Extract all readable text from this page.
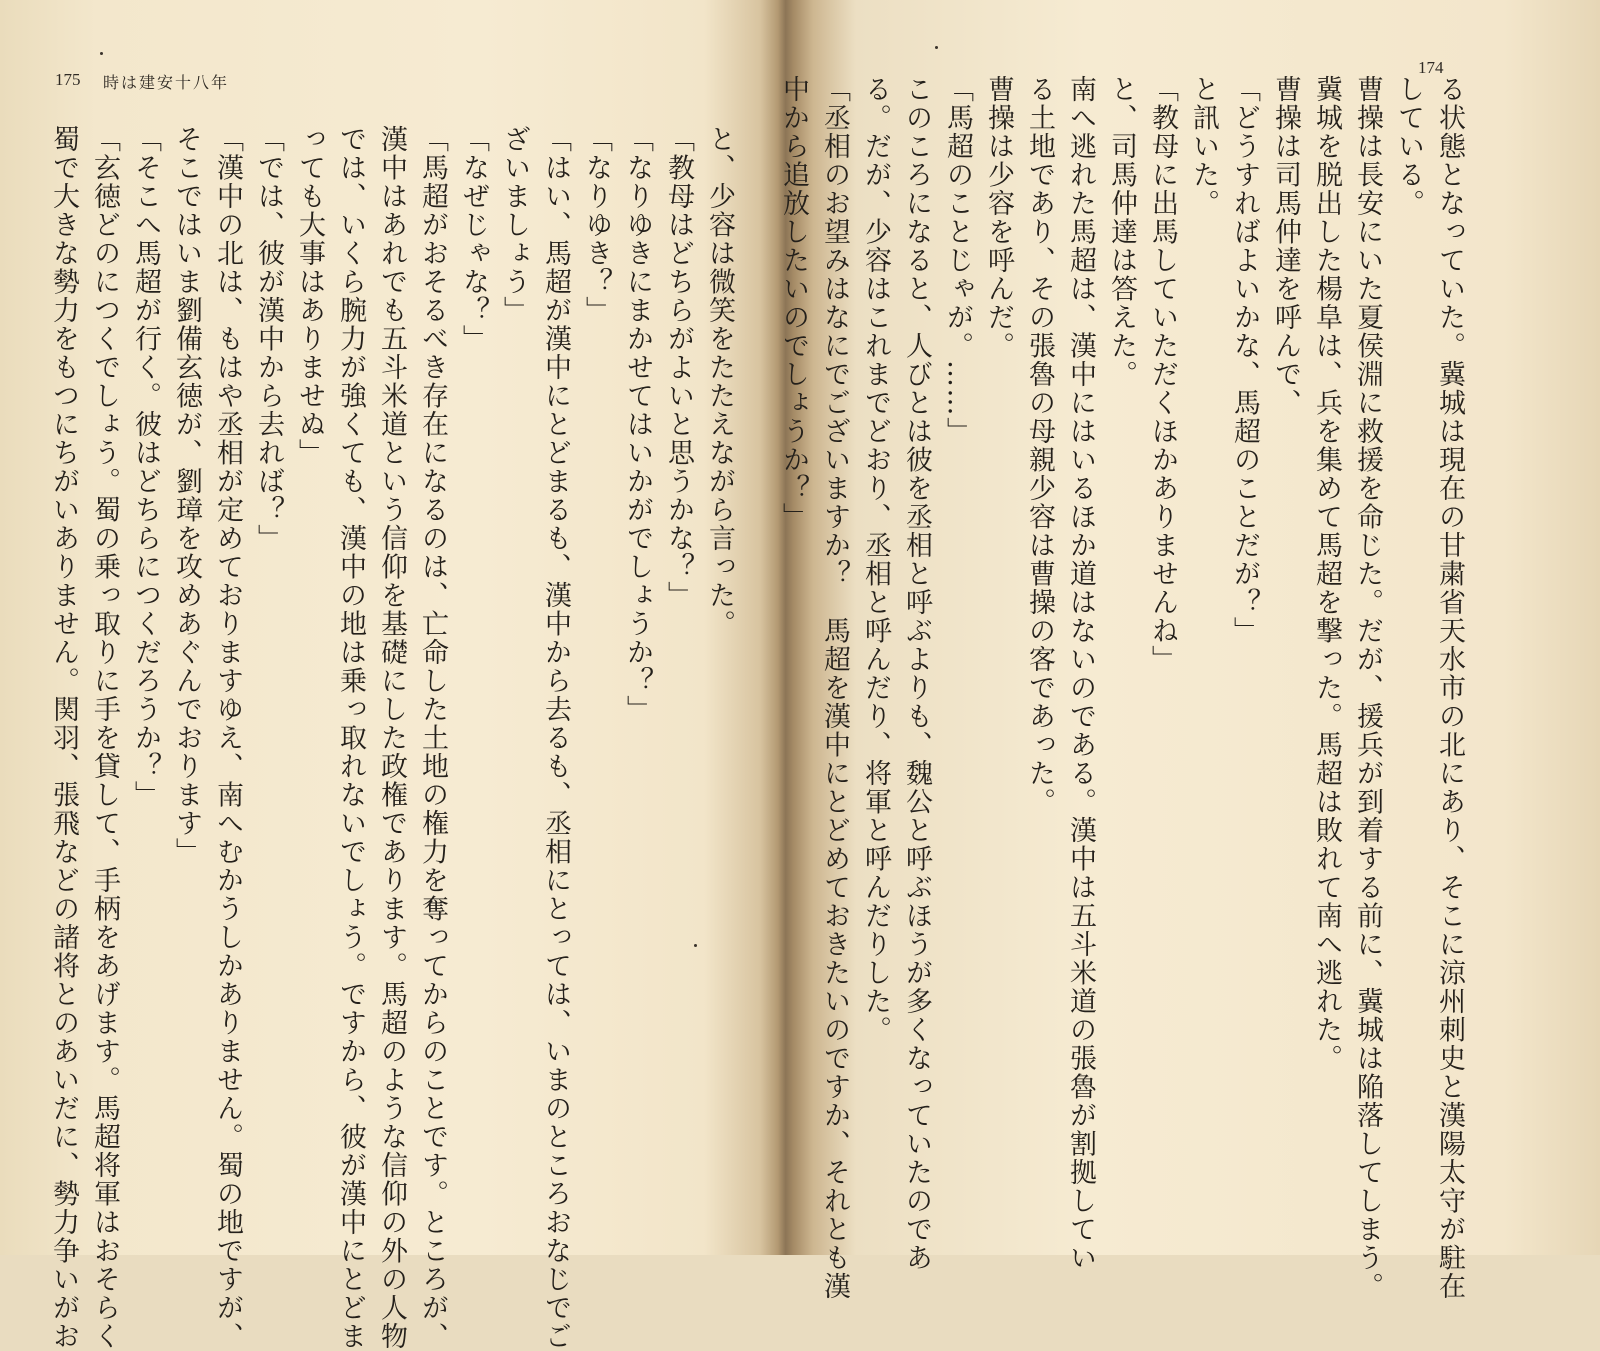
175 時は建安十八年
と、少容は微笑をたたえながら言った。
「教母はどちらがよいと思うかな？」
「なりゆきにまかせてはいかがでしょうか？」
「なりゆき？」
「はい、馬超が漢中にとどまるも、漢中から去るも、丞相にとっては、いまのところおなじでご
ざいましょう」
「なぜじゃな？」
「馬超がおそるべき存在になるのは、亡命した土地の権力を奪ってからのことです。ところが、
漢中はあれでも五斗米道という信仰を基礎にした政権であります。馬超のような信仰の外の人物
では、いくら腕力が強くても、漢中の地は乗っ取れないでしょう。ですから、彼が漢中にとどま
っても大事はありませぬ」
「では、彼が漢中から去れば？」
「漢中の北は、もはや丞相が定めておりますゆえ、南へむかうしかありません。蜀の地ですが、
そこではいま劉備玄徳が、劉璋を攻めあぐんでおります」
「そこへ馬超が行く。彼はどちらにつくだろうか？」
「玄徳どのにつくでしょう。蜀の乗っ取りに手を貸して、手柄をあげます。馬超将軍はおそらく
蜀で大きな勢力をもつにちがいありません。関羽、張飛などの諸将とのあいだに、勢力争いがお
174
る状態となっていた。冀城は現在の甘粛省天水市の北にあり、そこに涼州刺史と漢陽太守が駐在
している。
曹操は長安にいた夏侯淵に救援を命じた。だが、援兵が到着する前に、冀城は陥落してしまう。
冀城を脱出した楊阜は、兵を集めて馬超を撃った。馬超は敗れて南へ逃れた。
曹操は司馬仲達を呼んで、
「どうすればよいかな、馬超のことだが？」
と訊いた。
「教母に出馬していただくほかありませんね」
と、司馬仲達は答えた。
南へ逃れた馬超は、漢中にはいるほか道はないのである。漢中は五斗米道の張魯が割拠してい
る土地であり、その張魯の母親少容は曹操の客であった。
曹操は少容を呼んだ。
「馬超のことじゃが。……」
このころになると、人びとは彼を丞相と呼ぶよりも、魏公と呼ぶほうが多くなっていたのであ
る。だが、少容はこれまでどおり、丞相と呼んだり、将軍と呼んだりした。
「丞相のお望みはなにでございますか？　馬超を漢中にとどめておきたいのですか、それとも漢
中から追放したいのでしょうか？」
